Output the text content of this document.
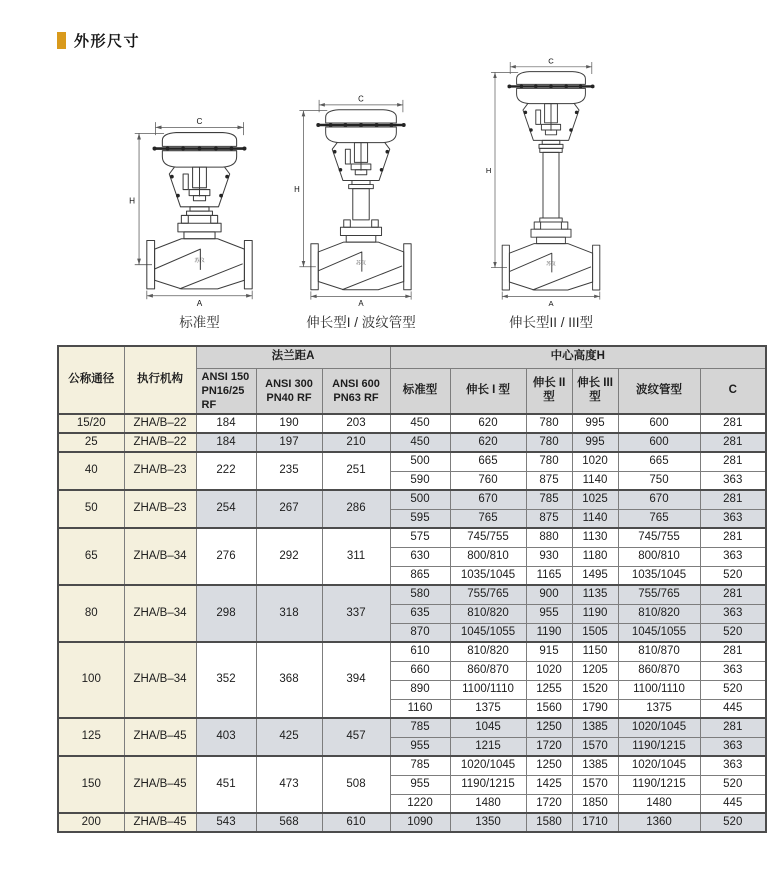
外形尺寸
C
H
苏仪
A
标准型
C
H
苏仪
A
伸长型I / 波纹管型
C
H
苏仪
A
伸长型II / III型
公称通径	执行机构	法兰距A			中心高度H					
		ANSI 150 PN16/25 RF	ANSI 300 PN40 RF	ANSI 600 PN63 RF	标准型	伸长 I 型	伸长 II 型	伸长 III 型	波纹管型	C
15/20	ZHA/B–22	184	190	203	450	620	780	995	600	281
25	ZHA/B–22	184	197	210	450	620	780	995	600	281
40	ZHA/B–23	222	235	251	500	665	780	1020	665	281
					590	760	875	1140	750	363
50	ZHA/B–23	254	267	286	500	670	785	1025	670	281
					595	765	875	1140	765	363
65	ZHA/B–34	276	292	311	575	745/755	880	1130	745/755	281
					630	800/810	930	1180	800/810	363
					865	1035/1045	1165	1495	1035/1045	520
80	ZHA/B–34	298	318	337	580	755/765	900	1135	755/765	281
					635	810/820	955	1190	810/820	363
					870	1045/1055	1190	1505	1045/1055	520
100	ZHA/B–34	352	368	394	610	810/820	915	1150	810/870	281
					660	860/870	1020	1205	860/870	363
					890	1100/1110	1255	1520	1100/1110	520
					1160	1375	1560	1790	1375	445
125	ZHA/B–45	403	425	457	785	1045	1250	1385	1020/1045	281
					955	1215	1720	1570	1190/1215	363
150	ZHA/B–45	451	473	508	785	1020/1045	1250	1385	1020/1045	363
					955	1190/1215	1425	1570	1190/1215	520
					1220	1480	1720	1850	1480	445
200	ZHA/B–45	543	568	610	1090	1350	1580	1710	1360	520
